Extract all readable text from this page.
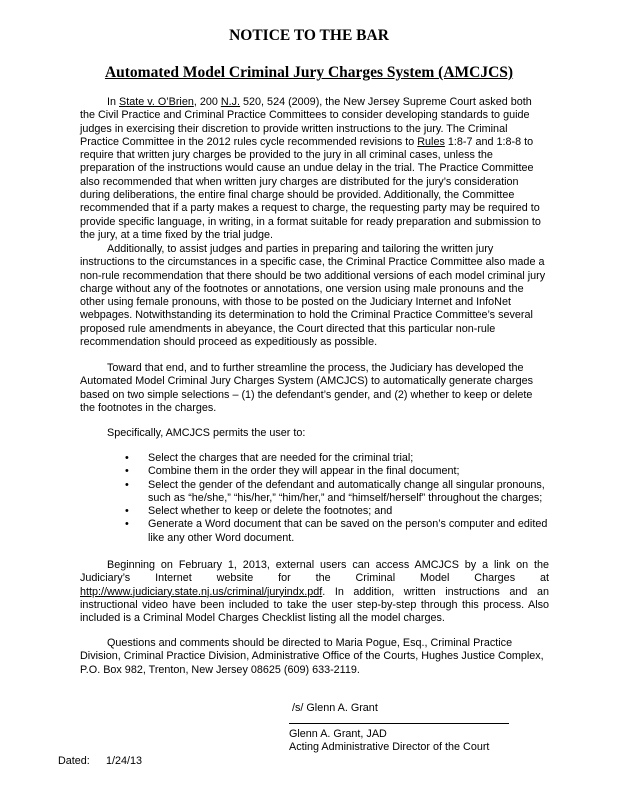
NOTICE TO THE BAR
Automated Model Criminal Jury Charges System (AMCJCS)

In State v. O’Brien, 200 N.J. 520, 524 (2009), the New Jersey Supreme Court asked both the Civil Practice and Criminal Practice Committees to consider developing standards to guide judges in exercising their discretion to provide written instructions to the jury. The Criminal Practice Committee in the 2012 rules cycle recommended revisions to Rules 1:8-7 and 1:8-8 to require that written jury charges be provided to the jury in all criminal cases, unless the preparation of the instructions would cause an undue delay in the trial. The Practice Committee also recommended that when written jury charges are distributed for the jury’s consideration during deliberations, the entire final charge should be provided. Additionally, the Committee recommended that if a party makes a request to charge, the requesting party may be required to provide specific language, in writing, in a format suitable for ready preparation and submission to the jury, at a time fixed by the trial judge.

Additionally, to assist judges and parties in preparing and tailoring the written jury instructions to the circumstances in a specific case, the Criminal Practice Committee also made a non-rule recommendation that there should be two additional versions of each model criminal jury charge without any of the footnotes or annotations, one version using male pronouns and the other using female pronouns, with those to be posted on the Judiciary Internet and InfoNet webpages. Notwithstanding its determination to hold the Criminal Practice Committee’s several proposed rule amendments in abeyance, the Court directed that this particular non-rule recommendation should proceed as expeditiously as possible.

Toward that end, and to further streamline the process, the Judiciary has developed the Automated Model Criminal Jury Charges System (AMCJCS) to automatically generate charges based on two simple selections – (1) the defendant’s gender, and (2) whether to keep or delete the footnotes in the charges.

Specifically, AMCJCS permits the user to:

• Select the charges that are needed for the criminal trial;
• Combine them in the order they will appear in the final document;
• Select the gender of the defendant and automatically change all singular pronouns, such as “he/she,” “his/her,” “him/her,” and “himself/herself” throughout the charges;
• Select whether to keep or delete the footnotes; and
• Generate a Word document that can be saved on the person’s computer and edited like any other Word document.

Beginning on February 1, 2013, external users can access AMCJCS by a link on the Judiciary’s Internet website for the Criminal Model Charges at http://www.judiciary.state.nj.us/criminal/juryindx.pdf. In addition, written instructions and an instructional video have been included to take the user step-by-step through this process. Also included is a Criminal Model Charges Checklist listing all the model charges.

Questions and comments should be directed to Maria Pogue, Esq., Criminal Practice Division, Criminal Practice Division, Administrative Office of the Courts, Hughes Justice Complex, P.O. Box 982, Trenton, New Jersey 08625 (609) 633-2119.

/s/ Glenn A. Grant

Glenn A. Grant, JAD
Acting Administrative Director of the Court

Dated: 1/24/13
